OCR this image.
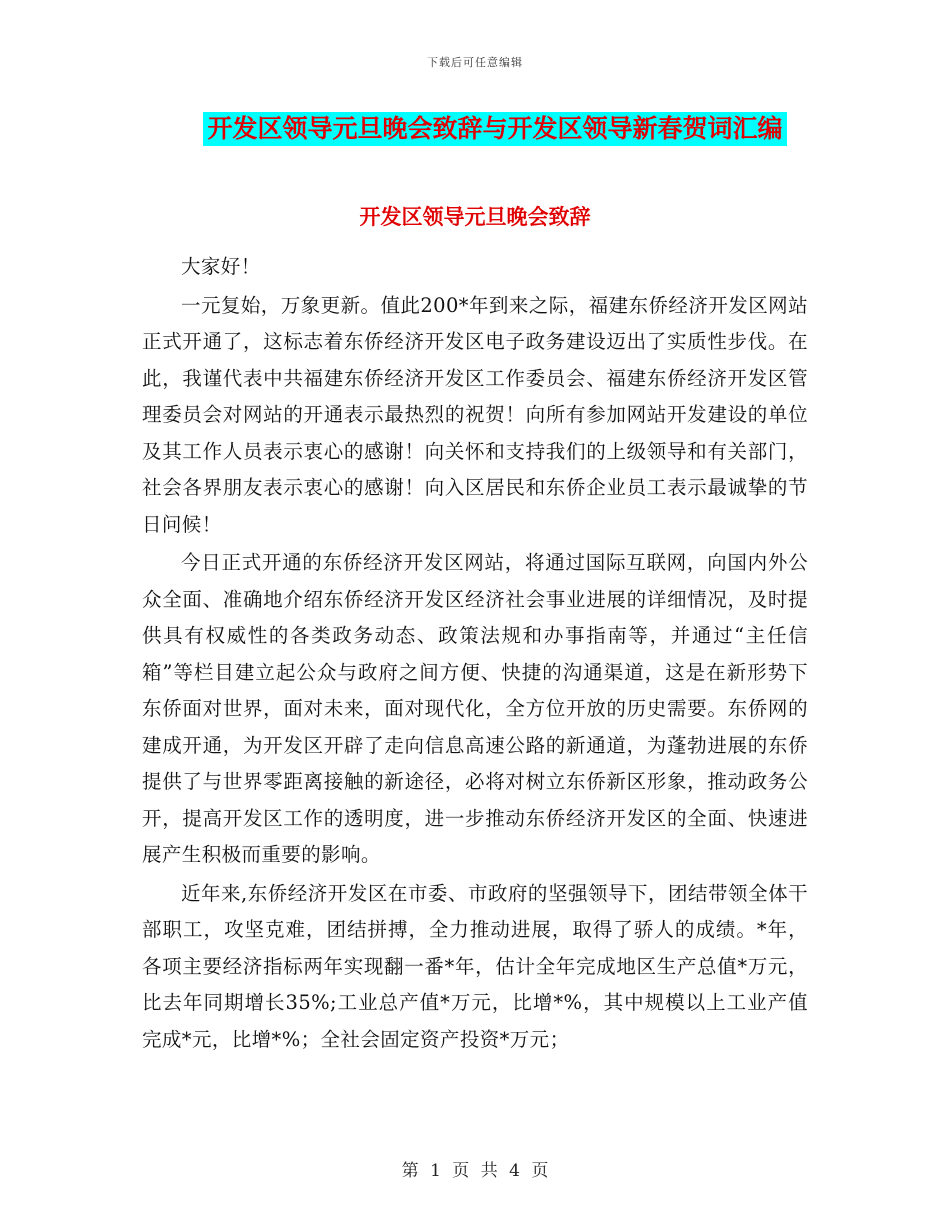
下载后可任意编辑
开发区领导元旦晚会致辞与开发区领导新春贺词汇编
开发区领导元旦晚会致辞

大家好！

一元复始，万象更新。值此200*年到来之际，福建东侨经济开发区网站正式开通了，这标志着东侨经济开发区电子政务建设迈出了实质性步伐。在此，我谨代表中共福建东侨经济开发区工作委员会、福建东侨经济开发区管理委员会对网站的开通表示最热烈的祝贺！向所有参加网站开发建设的单位及其工作人员表示衷心的感谢！向关怀和支持我们的上级领导和有关部门，社会各界朋友表示衷心的感谢！向入区居民和东侨企业员工表示最诚挚的节日问候！

今日正式开通的东侨经济开发区网站，将通过国际互联网，向国内外公众全面、准确地介绍东侨经济开发区经济社会事业进展的详细情况，及时提供具有权威性的各类政务动态、政策法规和办事指南等，并通过“主任信箱”等栏目建立起公众与政府之间方便、快捷的沟通渠道，这是在新形势下东侨面对世界，面对未来，面对现代化，全方位开放的历史需要。东侨网的建成开通，为开发区开辟了走向信息高速公路的新通道，为蓬勃进展的东侨提供了与世界零距离接触的新途径，必将对树立东侨新区形象，推动政务公开，提高开发区工作的透明度，进一步推动东侨经济开发区的全面、快速进展产生积极而重要的影响。

近年来,东侨经济开发区在市委、市政府的坚强领导下，团结带领全体干部职工，攻坚克难，团结拼搏，全力推动进展，取得了骄人的成绩。*年，各项主要经济指标两年实现翻一番*年，估计全年完成地区生产总值*万元，比去年同期增长35%;工业总产值*万元，比增*%，其中规模以上工业产值完成*元，比增*%；全社会固定资产投资*万元；

第 1 页 共 4 页
